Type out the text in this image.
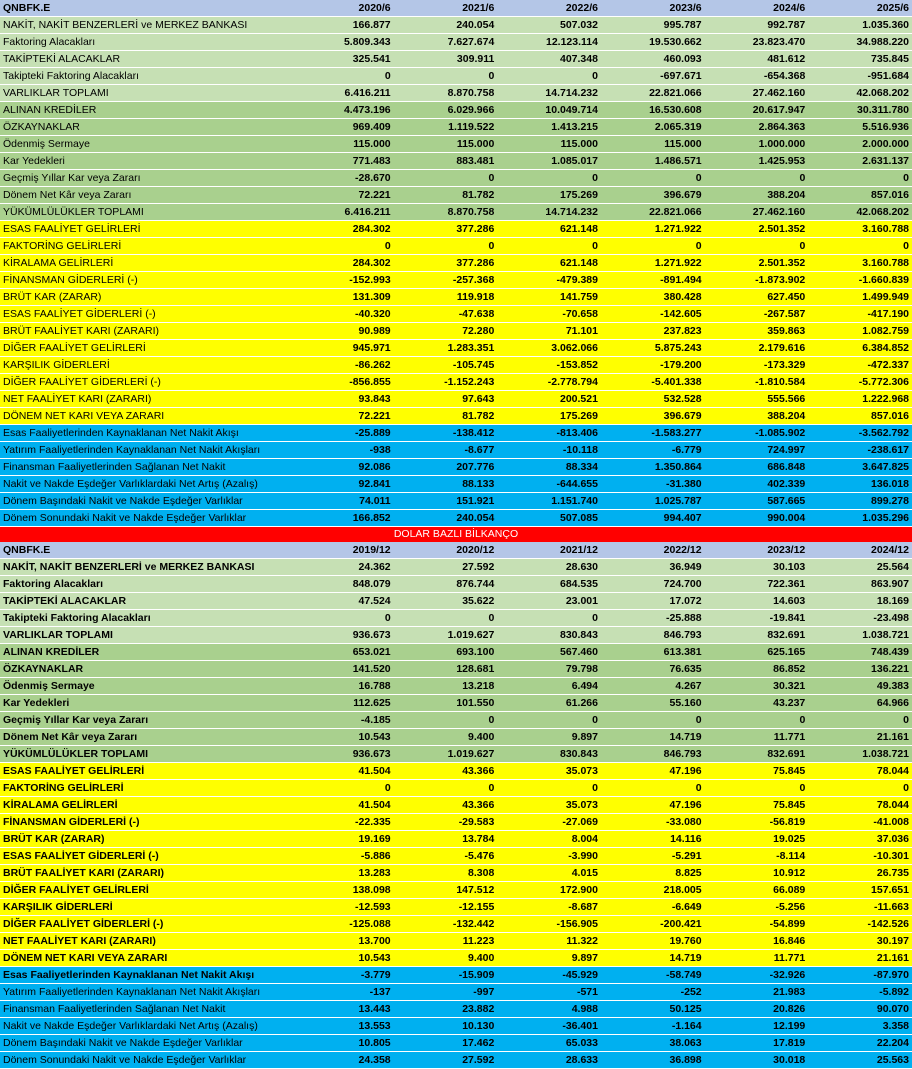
QNBFK.E	2020/6	2021/6	2022/6	2023/6	2024/6	2025/6
NAKİT, NAKİT BENZERLERİ ve MERKEZ BANKASI	166.877	240.054	507.032	995.787	992.787	1.035.360
Faktoring Alacakları	5.809.343	7.627.674	12.123.114	19.530.662	23.823.470	34.988.220
TAKİPTEKİ ALACAKLAR	325.541	309.911	407.348	460.093	481.612	735.845
Takipteki Faktoring Alacakları	0	0	0	-697.671	-654.368	-951.684
VARLIKLAR TOPLAMI	6.416.211	8.870.758	14.714.232	22.821.066	27.462.160	42.068.202
ALINAN KREDİLER	4.473.196	6.029.966	10.049.714	16.530.608	20.617.947	30.311.780
ÖZKAYNAKLAR	969.409	1.119.522	1.413.215	2.065.319	2.864.363	5.516.936
Ödenmiş Sermaye	115.000	115.000	115.000	115.000	1.000.000	2.000.000
Kar Yedekleri	771.483	883.481	1.085.017	1.486.571	1.425.953	2.631.137
Geçmiş Yıllar Kar veya Zararı	-28.670	0	0	0	0	0
Dönem Net Kâr veya Zararı	72.221	81.782	175.269	396.679	388.204	857.016
YÜKÜMLÜLÜKLER TOPLAMI	6.416.211	8.870.758	14.714.232	22.821.066	27.462.160	42.068.202
ESAS FAALİYET GELİRLERİ	284.302	377.286	621.148	1.271.922	2.501.352	3.160.788
FAKTORİNG GELİRLERİ	0	0	0	0	0	0
KİRALAMA GELİRLERİ	284.302	377.286	621.148	1.271.922	2.501.352	3.160.788
FİNANSMAN GİDERLERİ (-)	-152.993	-257.368	-479.389	-891.494	-1.873.902	-1.660.839
BRÜT KAR (ZARAR)	131.309	119.918	141.759	380.428	627.450	1.499.949
ESAS FAALİYET GİDERLERİ (-)	-40.320	-47.638	-70.658	-142.605	-267.587	-417.190
BRÜT FAALİYET KARI (ZARARI)	90.989	72.280	71.101	237.823	359.863	1.082.759
DİĞER FAALİYET GELİRLERİ	945.971	1.283.351	3.062.066	5.875.243	2.179.616	6.384.852
KARŞILIK GİDERLERİ	-86.262	-105.745	-153.852	-179.200	-173.329	-472.337
DİĞER FAALİYET GİDERLERİ (-)	-856.855	-1.152.243	-2.778.794	-5.401.338	-1.810.584	-5.772.306
NET FAALİYET KARI (ZARARI)	93.843	97.643	200.521	532.528	555.566	1.222.968
DÖNEM NET KARI VEYA ZARARI	72.221	81.782	175.269	396.679	388.204	857.016
Esas Faaliyetlerinden Kaynaklanan Net Nakit Akışı	-25.889	-138.412	-813.406	-1.583.277	-1.085.902	-3.562.792
Yatırım Faaliyetlerinden Kaynaklanan Net Nakit Akışları	-938	-8.677	-10.118	-6.779	724.997	-238.617
Finansman Faaliyetlerinden Sağlanan Net Nakit	92.086	207.776	88.334	1.350.864	686.848	3.647.825
Nakit ve Nakde Eşdeğer Varlıklardaki Net Artış (Azalış)	92.841	88.133	-644.655	-31.380	402.339	136.018
Dönem Başındaki Nakit ve Nakde Eşdeğer Varlıklar	74.011	151.921	1.151.740	1.025.787	587.665	899.278
Dönem Sonundaki Nakit ve Nakde Eşdeğer Varlıklar	166.852	240.054	507.085	994.407	990.004	1.035.296
DOLAR BAZLI BİLKANÇO
QNBFK.E	2019/12	2020/12	2021/12	2022/12	2023/12	2024/12
NAKİT, NAKİT BENZERLERİ ve MERKEZ BANKASI	24.362	27.592	28.630	36.949	30.103	25.564
Faktoring Alacakları	848.079	876.744	684.535	724.700	722.361	863.907
TAKİPTEKİ ALACAKLAR	47.524	35.622	23.001	17.072	14.603	18.169
Takipteki Faktoring Alacakları	0	0	0	-25.888	-19.841	-23.498
VARLIKLAR TOPLAMI	936.673	1.019.627	830.843	846.793	832.691	1.038.721
ALINAN KREDİLER	653.021	693.100	567.460	613.381	625.165	748.439
ÖZKAYNAKLAR	141.520	128.681	79.798	76.635	86.852	136.221
Ödenmiş Sermaye	16.788	13.218	6.494	4.267	30.321	49.383
Kar Yedekleri	112.625	101.550	61.266	55.160	43.237	64.966
Geçmiş Yıllar Kar veya Zararı	-4.185	0	0	0	0	0
Dönem Net Kâr veya Zararı	10.543	9.400	9.897	14.719	11.771	21.161
YÜKÜMLÜLÜKLER TOPLAMI	936.673	1.019.627	830.843	846.793	832.691	1.038.721
ESAS FAALİYET GELİRLERİ	41.504	43.366	35.073	47.196	75.845	78.044
FAKTORİNG GELİRLERİ	0	0	0	0	0	0
KİRALAMA GELİRLERİ	41.504	43.366	35.073	47.196	75.845	78.044
FİNANSMAN GİDERLERİ (-)	-22.335	-29.583	-27.069	-33.080	-56.819	-41.008
BRÜT KAR (ZARAR)	19.169	13.784	8.004	14.116	19.025	37.036
ESAS FAALİYET GİDERLERİ (-)	-5.886	-5.476	-3.990	-5.291	-8.114	-10.301
BRÜT FAALİYET KARI (ZARARI)	13.283	8.308	4.015	8.825	10.912	26.735
DİĞER FAALİYET GELİRLERİ	138.098	147.512	172.900	218.005	66.089	157.651
KARŞILIK GİDERLERİ	-12.593	-12.155	-8.687	-6.649	-5.256	-11.663
DİĞER FAALİYET GİDERLERİ (-)	-125.088	-132.442	-156.905	-200.421	-54.899	-142.526
NET FAALİYET KARI (ZARARI)	13.700	11.223	11.322	19.760	16.846	30.197
DÖNEM NET KARI VEYA ZARARI	10.543	9.400	9.897	14.719	11.771	21.161
Esas Faaliyetlerinden Kaynaklanan Net Nakit Akışı	-3.779	-15.909	-45.929	-58.749	-32.926	-87.970
Yatırım Faaliyetlerinden Kaynaklanan Net Nakit Akışları	-137	-997	-571	-252	21.983	-5.892
Finansman Faaliyetlerinden Sağlanan Net Nakit	13.443	23.882	4.988	50.125	20.826	90.070
Nakit ve Nakde Eşdeğer Varlıklardaki Net Artış (Azalış)	13.553	10.130	-36.401	-1.164	12.199	3.358
Dönem Başındaki Nakit ve Nakde Eşdeğer Varlıklar	10.805	17.462	65.033	38.063	17.819	22.204
Dönem Sonundaki Nakit ve Nakde Eşdeğer Varlıklar	24.358	27.592	28.633	36.898	30.018	25.563
